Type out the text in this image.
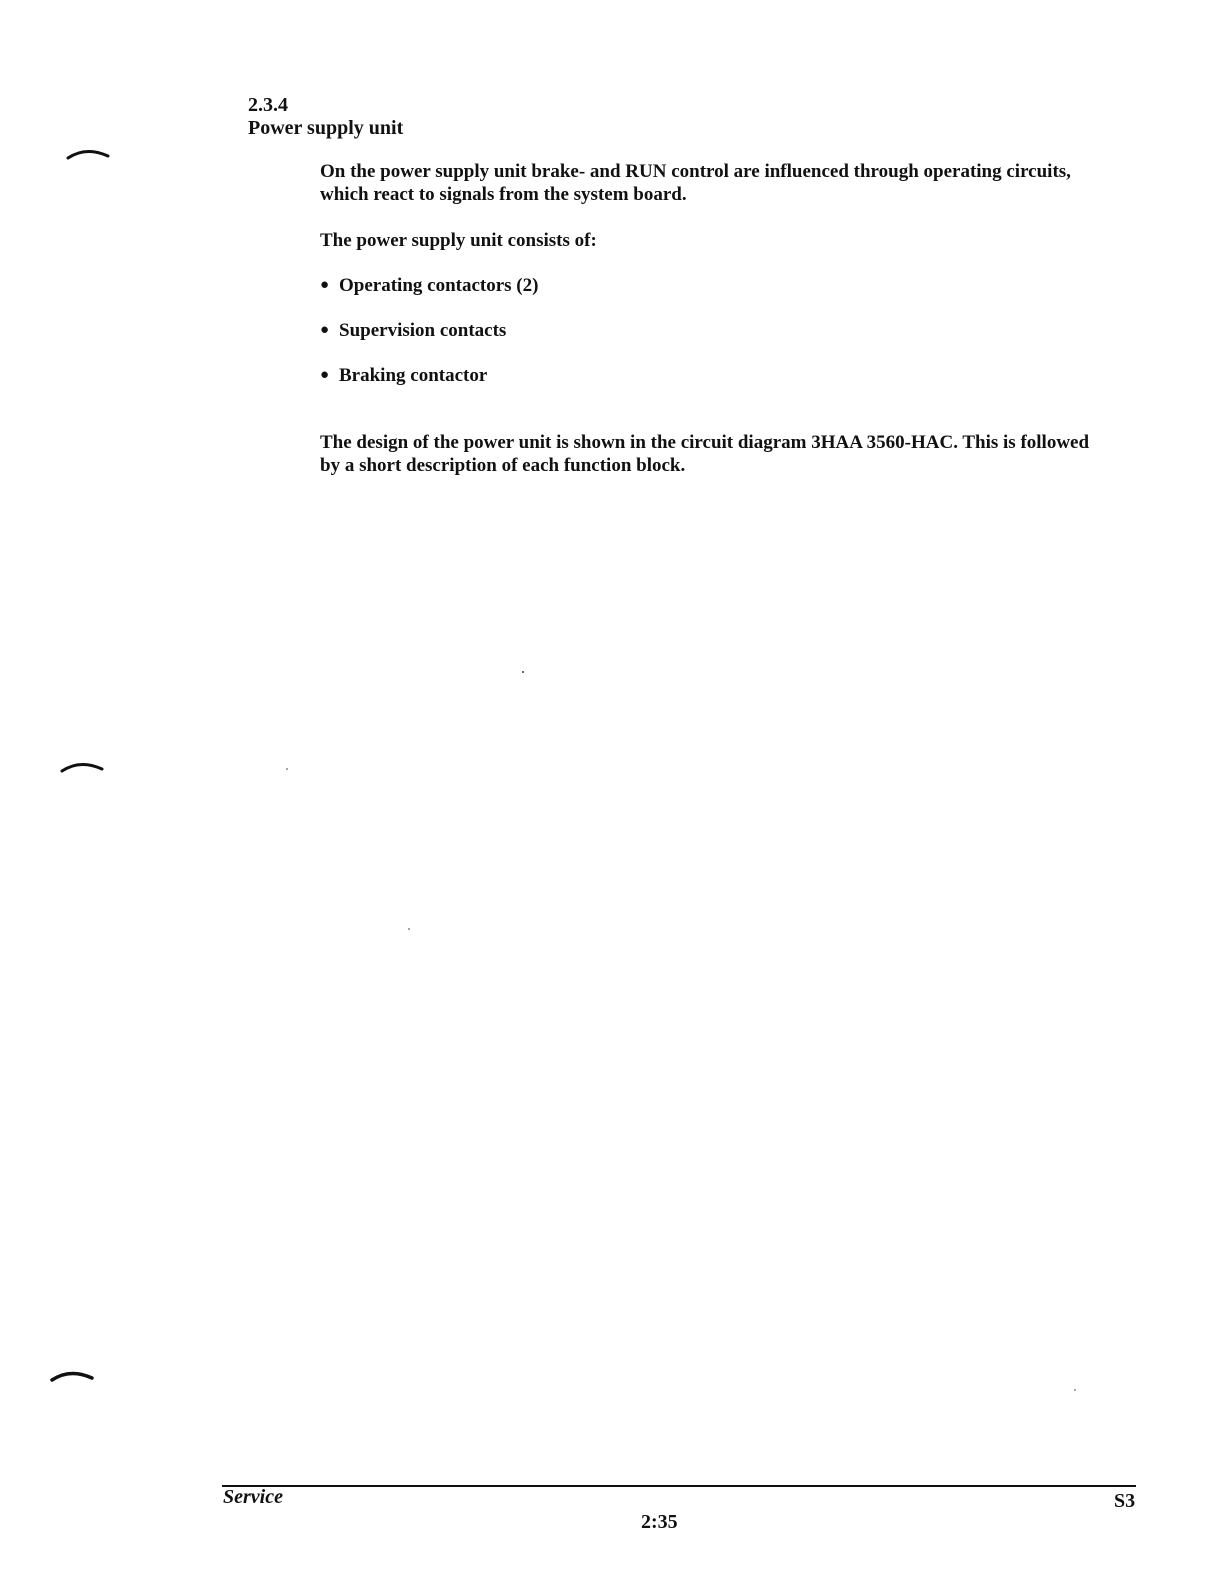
2.3.4
Power supply unit

On the power supply unit brake- and RUN control are influenced through operating circuits, which react to signals from the system board.

The power supply unit consists of:

● Operating contactors (2)
● Supervision contacts
● Braking contactor

The design of the power unit is shown in the circuit diagram 3HAA 3560-HAC. This is followed by a short description of each function block.

Service
2:35
S3
